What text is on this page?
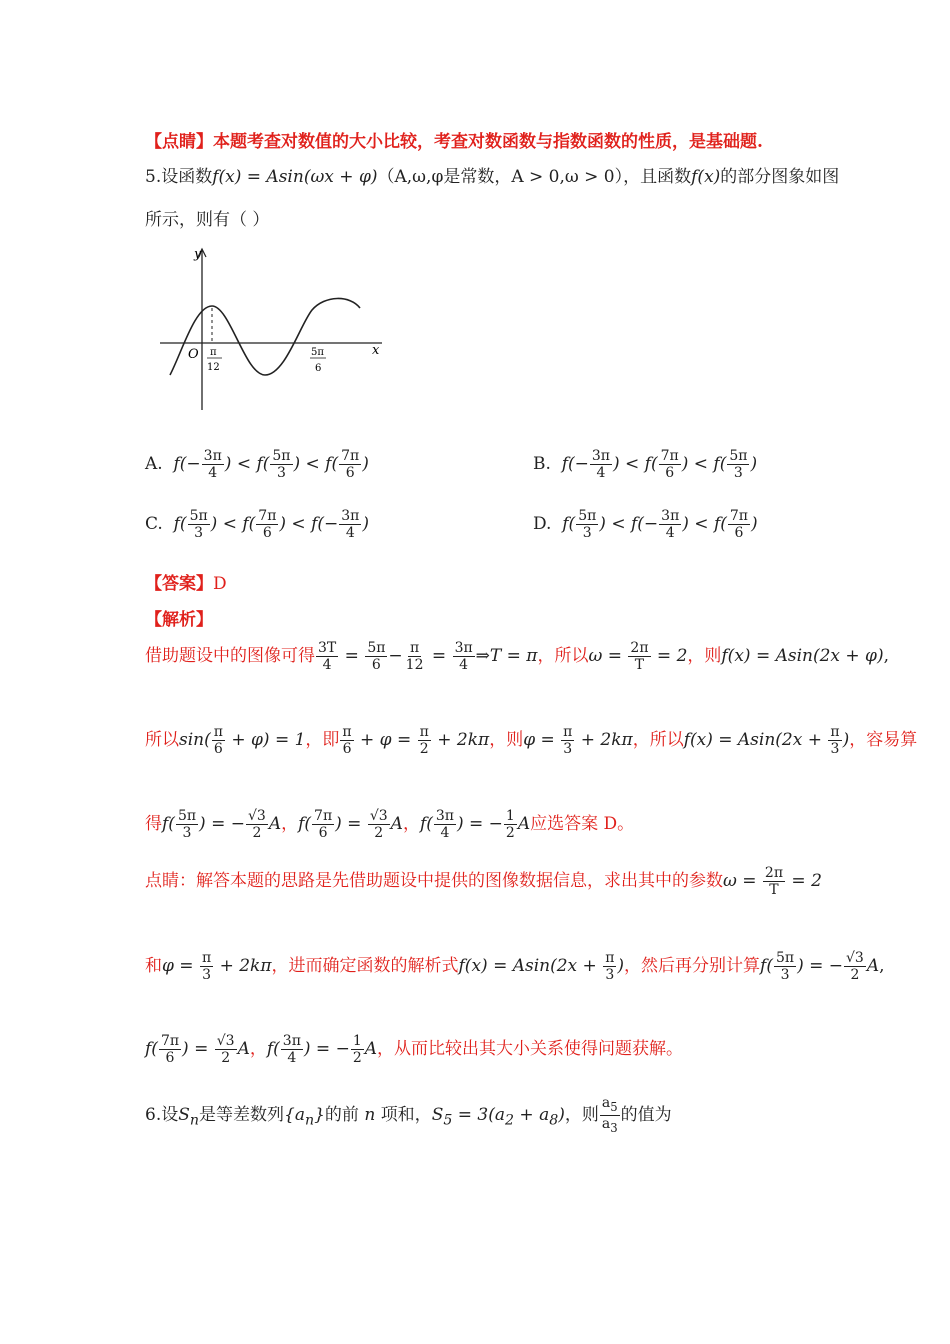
【点睛】本题考查对数值的大小比较，考查对数函数与指数函数的性质，是基础题.
5.设函数f(x) = Asin(ωx + φ)（A,ω,φ是常数，A > 0,ω > 0），且函数f(x)的部分图象如图
所示，则有（ ）
y
x
O π
12
5π
6
A. $f(- \frac{3\pi}{4}$ ) < $f( \frac{5\pi}{3}$ ) < $f( \frac{7\pi}{6}$ )	B. $f(- \frac{3\pi}{4}$ ) < $f( \frac{7\pi}{6}$ ) < $f( \frac{5\pi}{3}$ )
C. $f( \frac{5\pi}{3}$ ) < $f( \frac{7\pi}{6}$ ) < $f(- \frac{3\pi}{4}$ )	D. $f( \frac{5\pi}{3}$ ) < $f(- \frac{3\pi}{4}$ ) < $f( \frac{7\pi}{6}$ )
【答案】D
【解析】
借助题设中的图像可得 $\frac{3T}{4} = \frac{5\pi}{6} - \frac{\pi}{12} = \frac{3\pi}{4}$ ⇒T = π，所以$\omega = \frac{2\pi}{T} = 2$，则f(x) = Asin(2x + φ),
所以$\sin( \frac{\pi}{6} + \varphi) = 1$，即 $\frac{\pi}{6} + \varphi = \frac{\pi}{2} + 2k\pi$，则$\varphi = \frac{\pi}{3} + 2k\pi$，所以$f(x) = Asin(2x + \frac{\pi}{3}$ )，容易算
得$f( \frac{5\pi}{3}$ ) = − $\frac{√3}{2}$ A，$f( \frac{7\pi}{6}$ ) = $\frac{√3}{2}$ A，$f( \frac{3\pi}{4}$ ) = − $\frac{1}{2}$ A应选答案 D。
点睛：解答本题的思路是先借助题设中提供的图像数据信息，求出其中的参数$\omega = \frac{2\pi}{T} = 2$
和$\varphi = \frac{\pi}{3} + 2k\pi$，进而确定函数的解析式$f(x) = Asin(2x + \frac{\pi}{3}$ )，然后再分别计算$f( \frac{5\pi}{3}$ ) = − $\frac{√3}{2} A$,
$f( \frac{7\pi}{6}$ ) = $\frac{√3}{2}$ A，$f( \frac{3\pi}{4}$ ) = − $\frac{1}{2}$ A，从而比较出其大小关系使得问题获解。
6.设$S_n$是等差数列$\{a_n\}$的前 n 项和，$S_5 = 3(a_2 + a_8)$，则 $\frac{a_5}{a_3}$ 的值为
